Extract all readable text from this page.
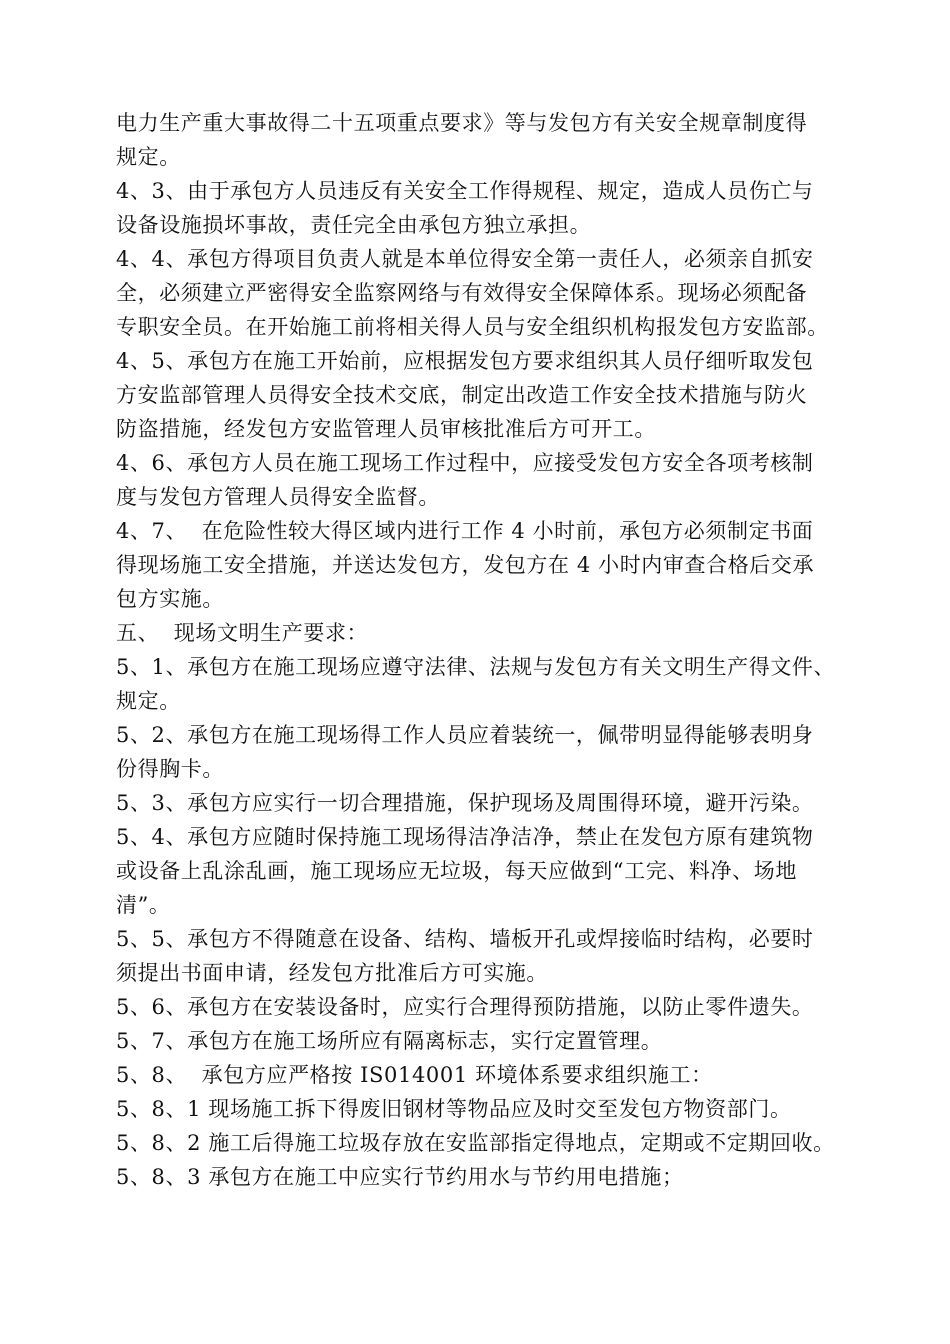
电力生产重大事故得二十五项重点要求》等与发包方有关安全规章制度得
规定。
4、3、由于承包方人员违反有关安全工作得规程、规定，造成人员伤亡与
设备设施损坏事故，责任完全由承包方独立承担。
4、4、承包方得项目负责人就是本单位得安全第一责任人，必须亲自抓安
全，必须建立严密得安全监察网络与有效得安全保障体系。现场必须配备
专职安全员。在开始施工前将相关得人员与安全组织机构报发包方安监部。
4、5、承包方在施工开始前，应根据发包方要求组织其人员仔细听取发包
方安监部管理人员得安全技术交底，制定出改造工作安全技术措施与防火
防盗措施，经发包方安监管理人员审核批准后方可开工。
4、6、承包方人员在施工现场工作过程中，应接受发包方安全各项考核制
度与发包方管理人员得安全监督。
4、7、  在危险性较大得区域内进行工作 4 小时前，承包方必须制定书面
得现场施工安全措施，并送达发包方，发包方在 4 小时内审查合格后交承
包方实施。
五、  现场文明生产要求：
5、1、承包方在施工现场应遵守法律、法规与发包方有关文明生产得文件、
规定。
5、2、承包方在施工现场得工作人员应着装统一，佩带明显得能够表明身
份得胸卡。
5、3、承包方应实行一切合理措施，保护现场及周围得环境，避开污染。
5、4、承包方应随时保持施工现场得洁净洁净，禁止在发包方原有建筑物
或设备上乱涂乱画，施工现场应无垃圾，每天应做到“工完、料净、场地
清”。
5、5、承包方不得随意在设备、结构、墙板开孔或焊接临时结构，必要时
须提出书面申请，经发包方批准后方可实施。
5、6、承包方在安装设备时，应实行合理得预防措施，以防止零件遗失。
5、7、承包方在施工场所应有隔离标志，实行定置管理。
5、8、  承包方应严格按 IS014001 环境体系要求组织施工：
5、8、1 现场施工拆下得废旧钢材等物品应及时交至发包方物资部门。
5、8、2 施工后得施工垃圾存放在安监部指定得地点，定期或不定期回收。
5、8、3 承包方在施工中应实行节约用水与节约用电措施；
